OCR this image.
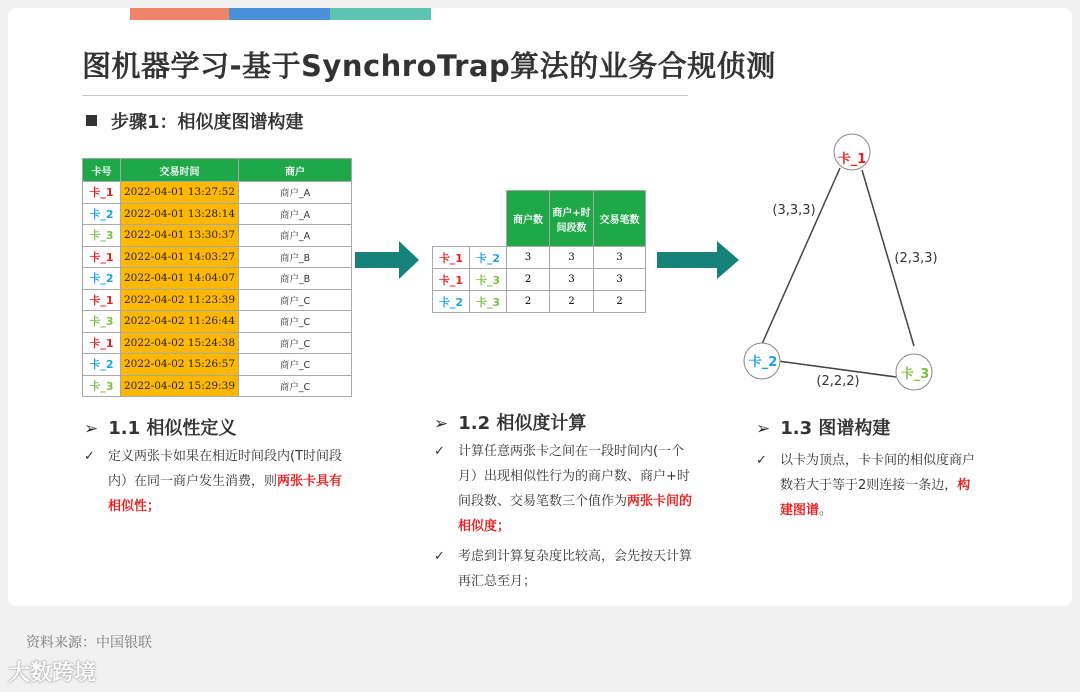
图机器学习-基于SynchroTrap算法的业务合规侦测
步骤1：相似度图谱构建
卡号	交易时间	商户
卡_1	2022-04-01 13:27:52	商户_A
卡_2	2022-04-01 13:28:14	商户_A
卡_3	2022-04-01 13:30:37	商户_A
卡_1	2022-04-01 14:03:27	商户_B
卡_2	2022-04-01 14:04:07	商户_B
卡_1	2022-04-02 11:23:39	商户_C
卡_3	2022-04-02 11:26:44	商户_C
卡_1	2022-04-02 15:24:38	商户_C
卡_2	2022-04-02 15:26:57	商户_C
卡_3	2022-04-02 15:29:39	商户_C
		商户数	商户+时间段数	交易笔数
卡_1	卡_2	3	3	3
卡_1	卡_3	2	3	3
卡_2	卡_3	2	2	2
卡_1
卡_2
卡_3
(3,3,3)
(2,3,3)
(2,2,2)
➢ 1.1 相似性定义
✓ 定义两张卡如果在相近时间段内(T时间段内）在同一商户发生消费，则两张卡具有相似性；
➢ 1.2 相似度计算
✓ 计算任意两张卡之间在一段时间内(一个月）出现相似性行为的商户数、商户+时间段数、交易笔数三个值作为两张卡间的相似度；
✓ 考虑到计算复杂度比较高，会先按天计算再汇总至月；
➢ 1.3 图谱构建
✓ 以卡为顶点，卡卡间的相似度商户数若大于等于2则连接一条边，构建图谱。
资料来源：中国银联
大数跨境
